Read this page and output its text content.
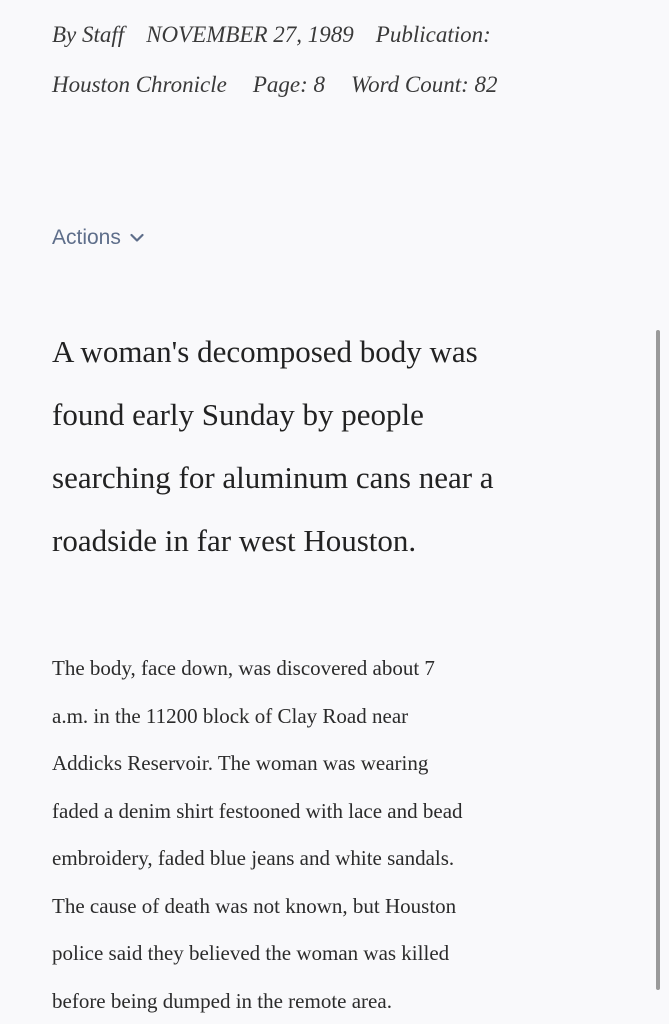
By Staff NOVEMBER 27, 1989 Publication:
Houston Chronicle Page: 8 Word Count: 82
Actions
A woman's decomposed body was
found early Sunday by people
searching for aluminum cans near a
roadside in far west Houston.
The body, face down, was discovered about 7
a.m. in the 11200 block of Clay Road near
Addicks Reservoir. The woman was wearing
faded a denim shirt festooned with lace and bead
embroidery, faded blue jeans and white sandals.
The cause of death was not known, but Houston
police said they believed the woman was killed
before being dumped in the remote area.
